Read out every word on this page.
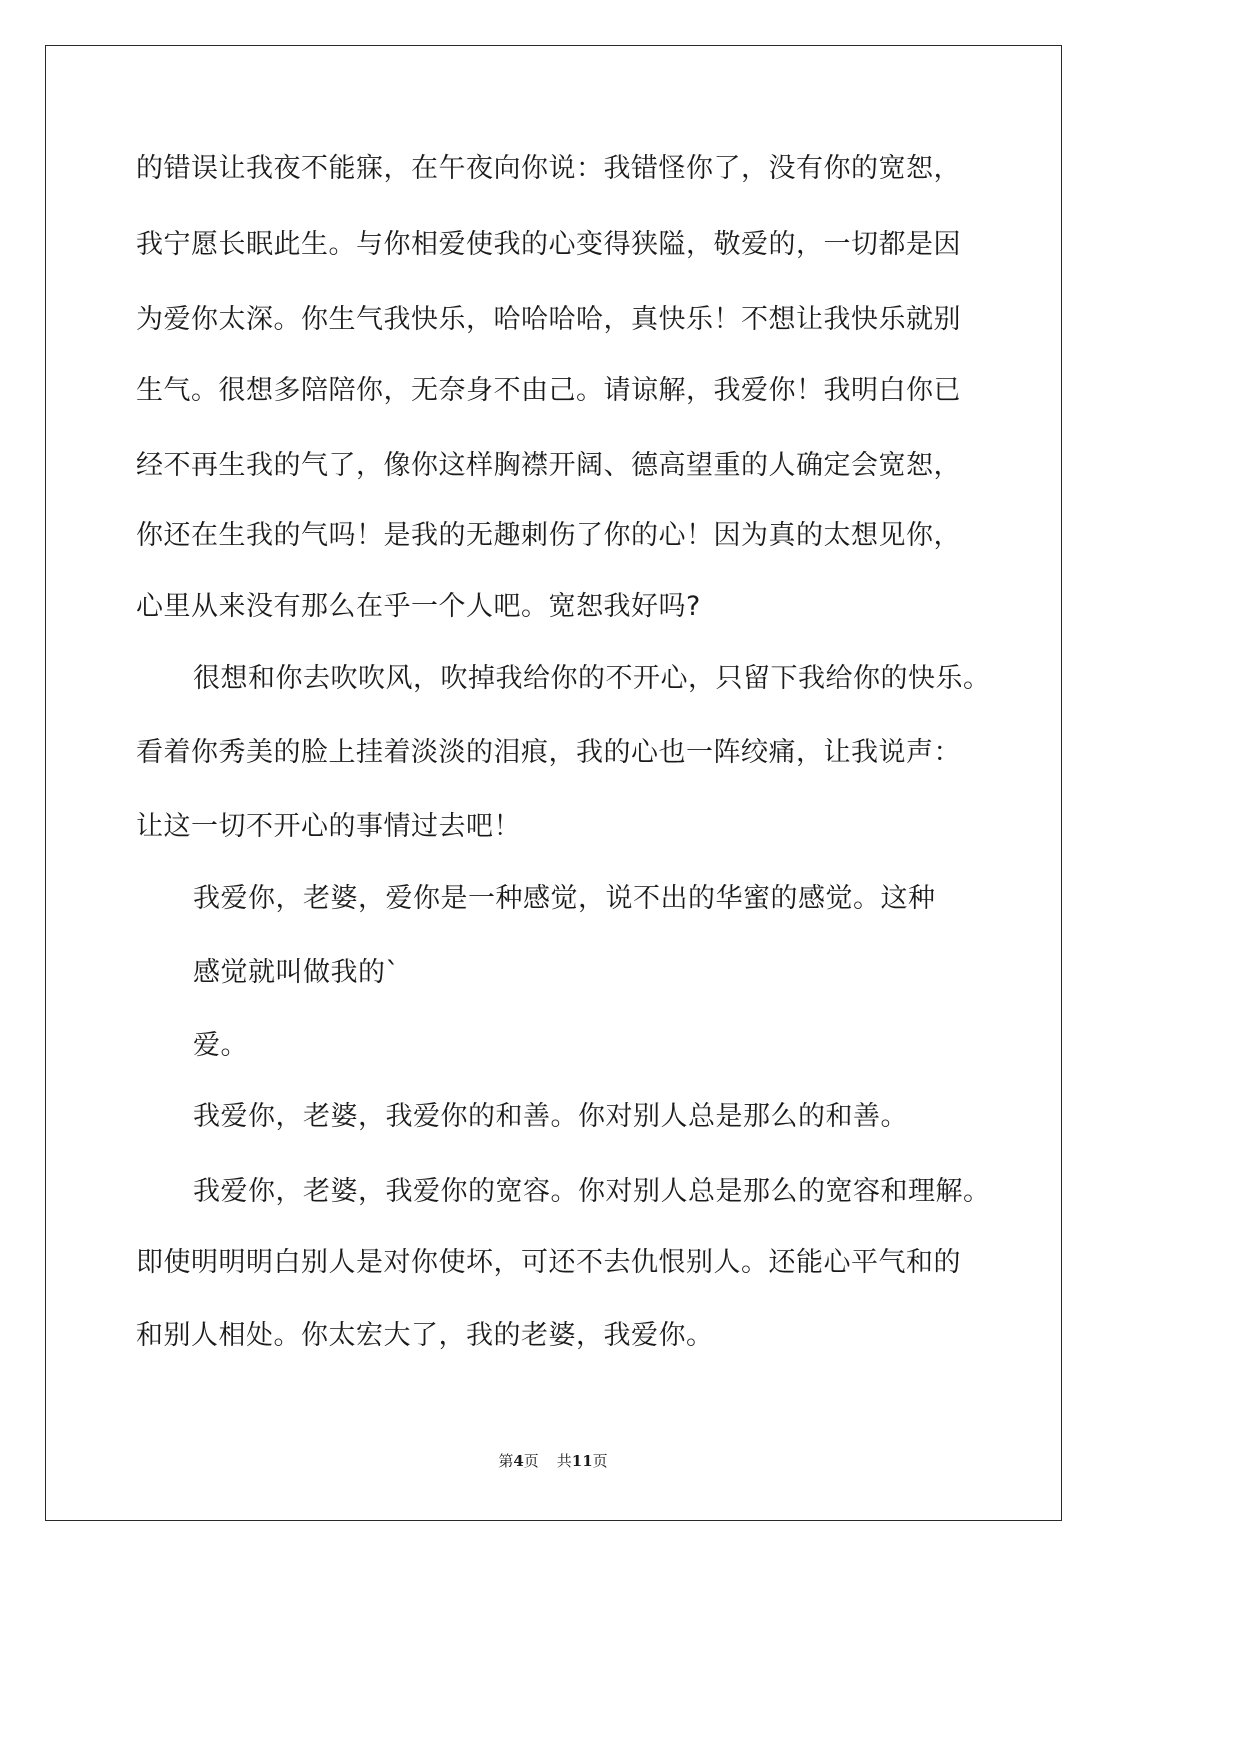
的错误让我夜不能寐，在午夜向你说：我错怪你了，没有你的宽恕，
我宁愿长眠此生。与你相爱使我的心变得狭隘，敬爱的，一切都是因
为爱你太深。你生气我快乐，哈哈哈哈，真快乐！不想让我快乐就别
生气。很想多陪陪你，无奈身不由己。请谅解，我爱你！我明白你已
经不再生我的气了，像你这样胸襟开阔、德高望重的人确定会宽恕，
你还在生我的气吗！是我的无趣刺伤了你的心！因为真的太想见你，
心里从来没有那么在乎一个人吧。宽恕我好吗?
很想和你去吹吹风，吹掉我给你的不开心，只留下我给你的快乐。
看着你秀美的脸上挂着淡淡的泪痕，我的心也一阵绞痛，让我说声：
让这一切不开心的事情过去吧！
我爱你，老婆，爱你是一种感觉，说不出的华蜜的感觉。这种
感觉就叫做我的`
爱。
我爱你，老婆，我爱你的和善。你对别人总是那么的和善。
我爱你，老婆，我爱你的宽容。你对别人总是那么的宽容和理解。
即使明明明白别人是对你使坏，可还不去仇恨别人。还能心平气和的
和别人相处。你太宏大了，我的老婆，我爱你。
第4页 共11页
